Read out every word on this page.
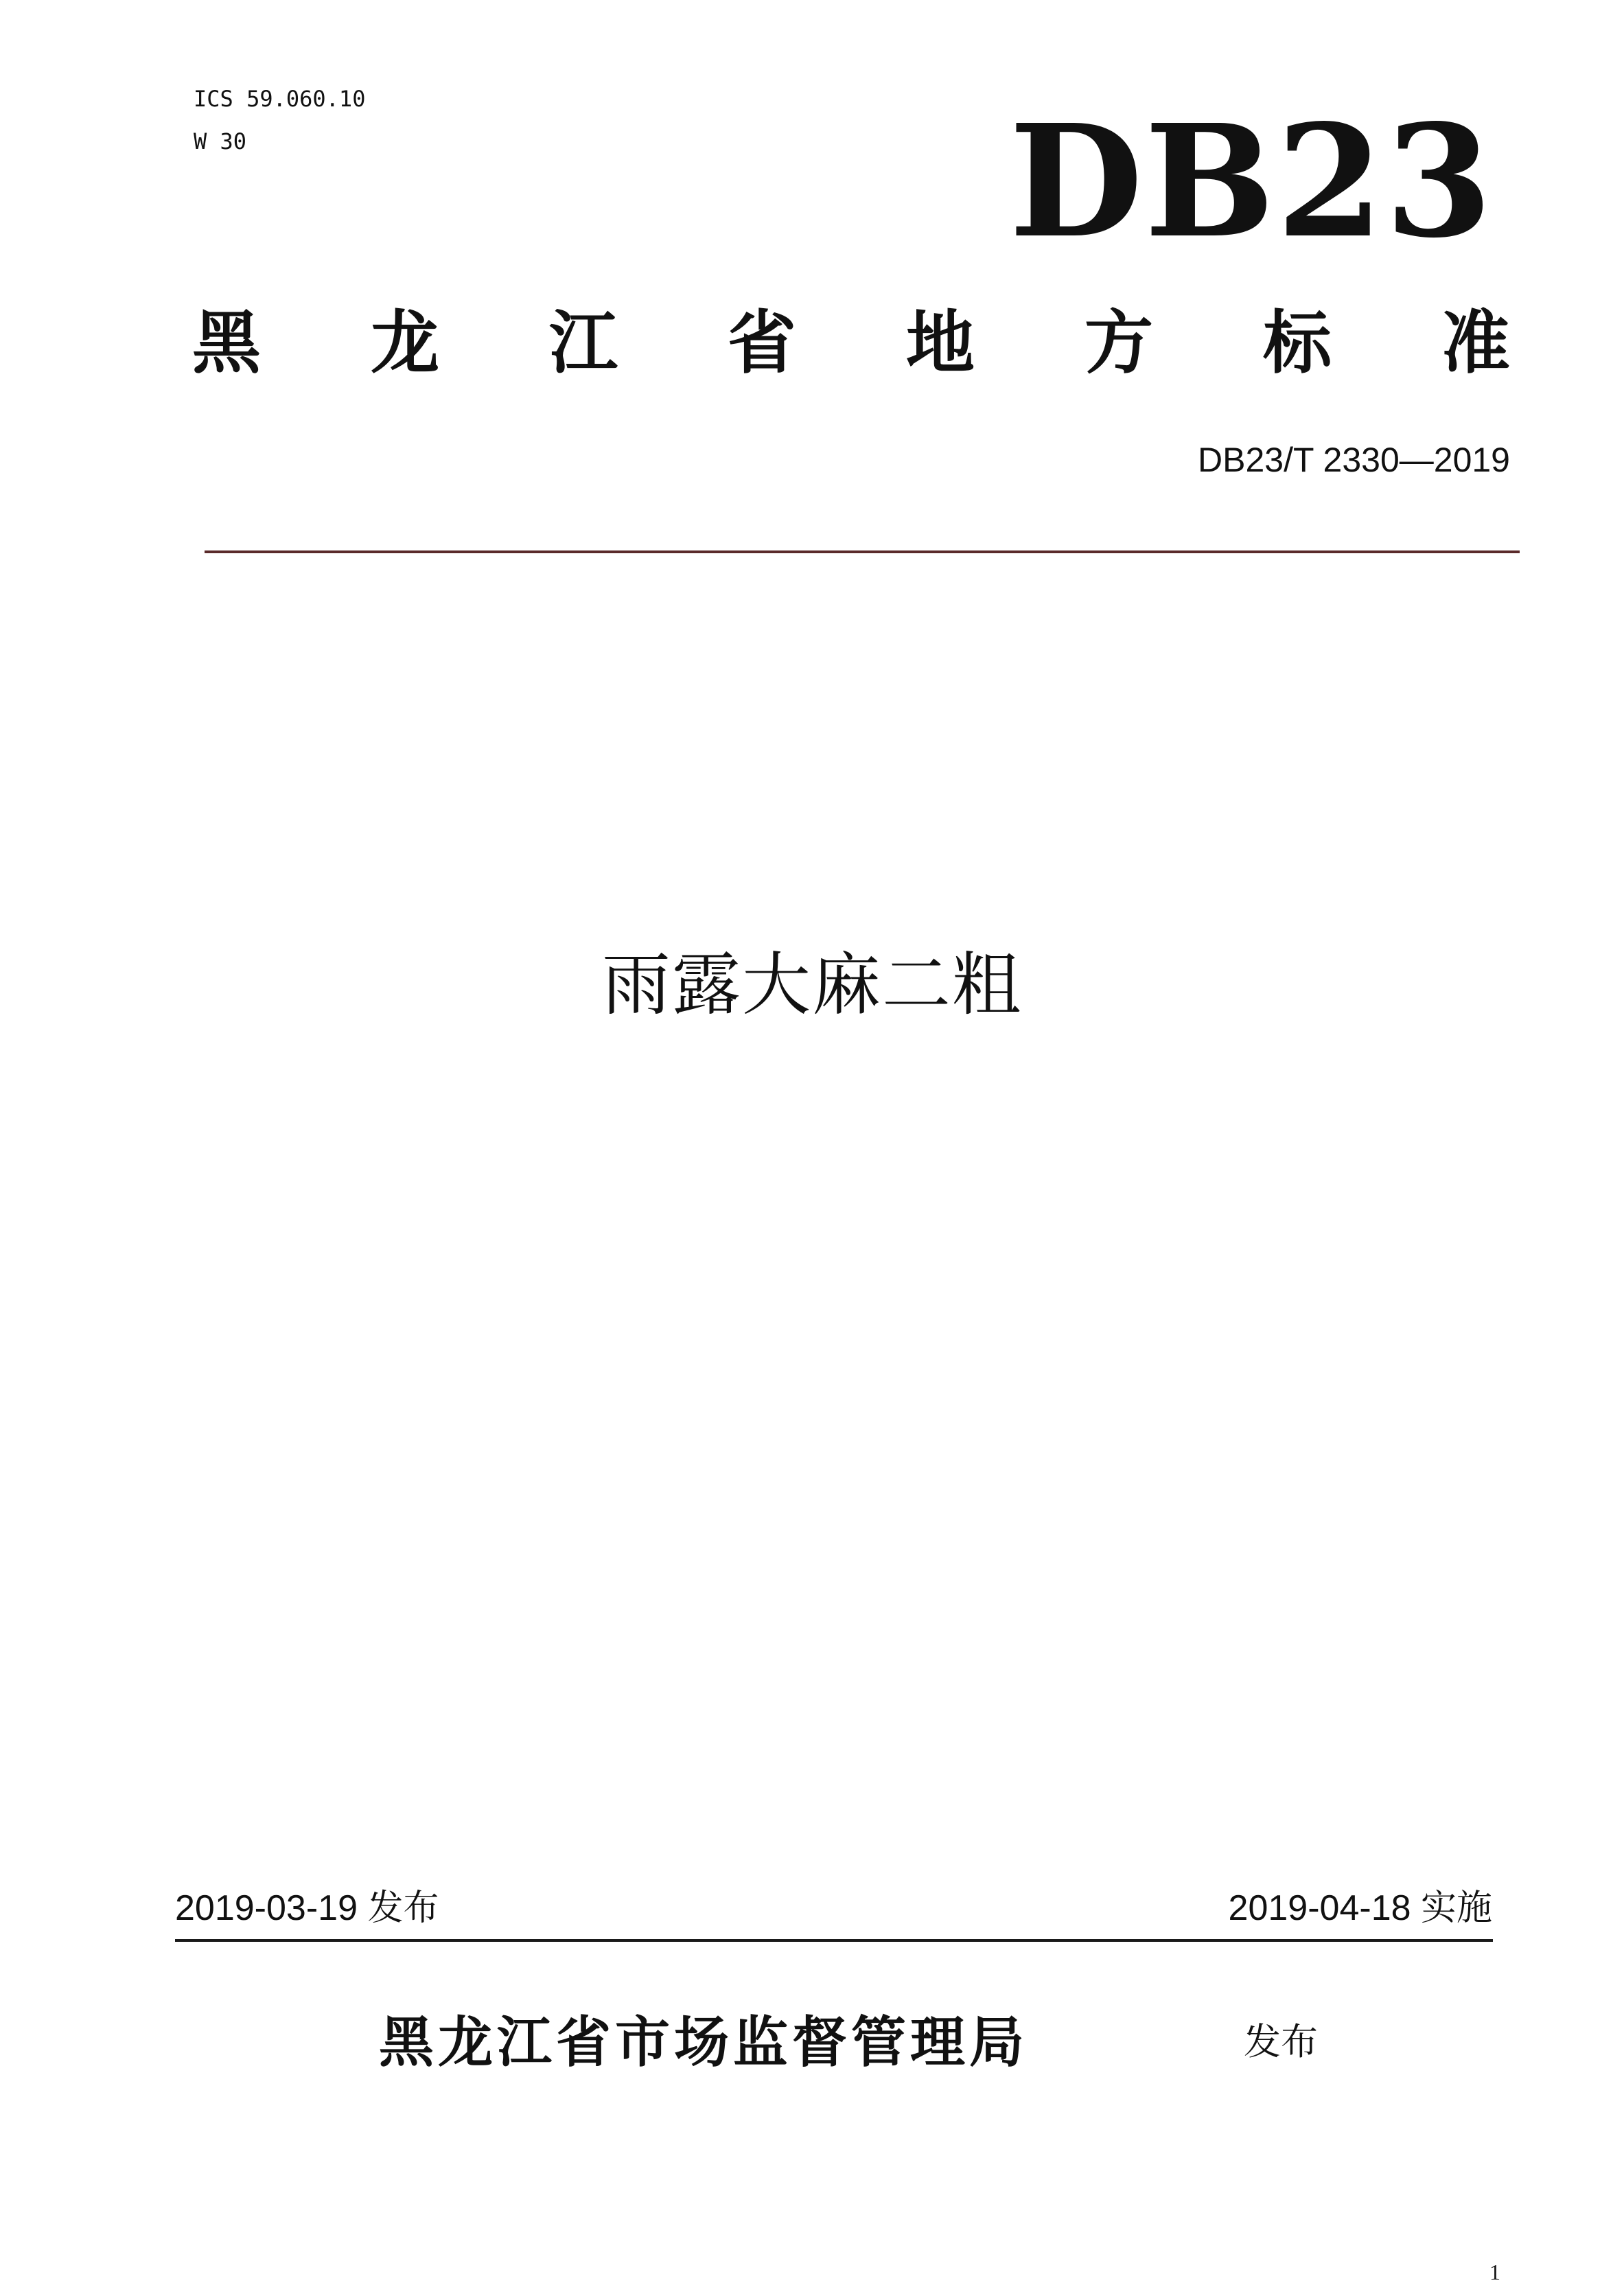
ICS 59.060.10
W 30	DB23
黑 龙 江 省 地 方 标 准
DB23/T 2330—2019
雨露大麻二粗
2019-03-19 发布	2019-04-18 实施
黑龙江省市场监督管理局	发布
1
